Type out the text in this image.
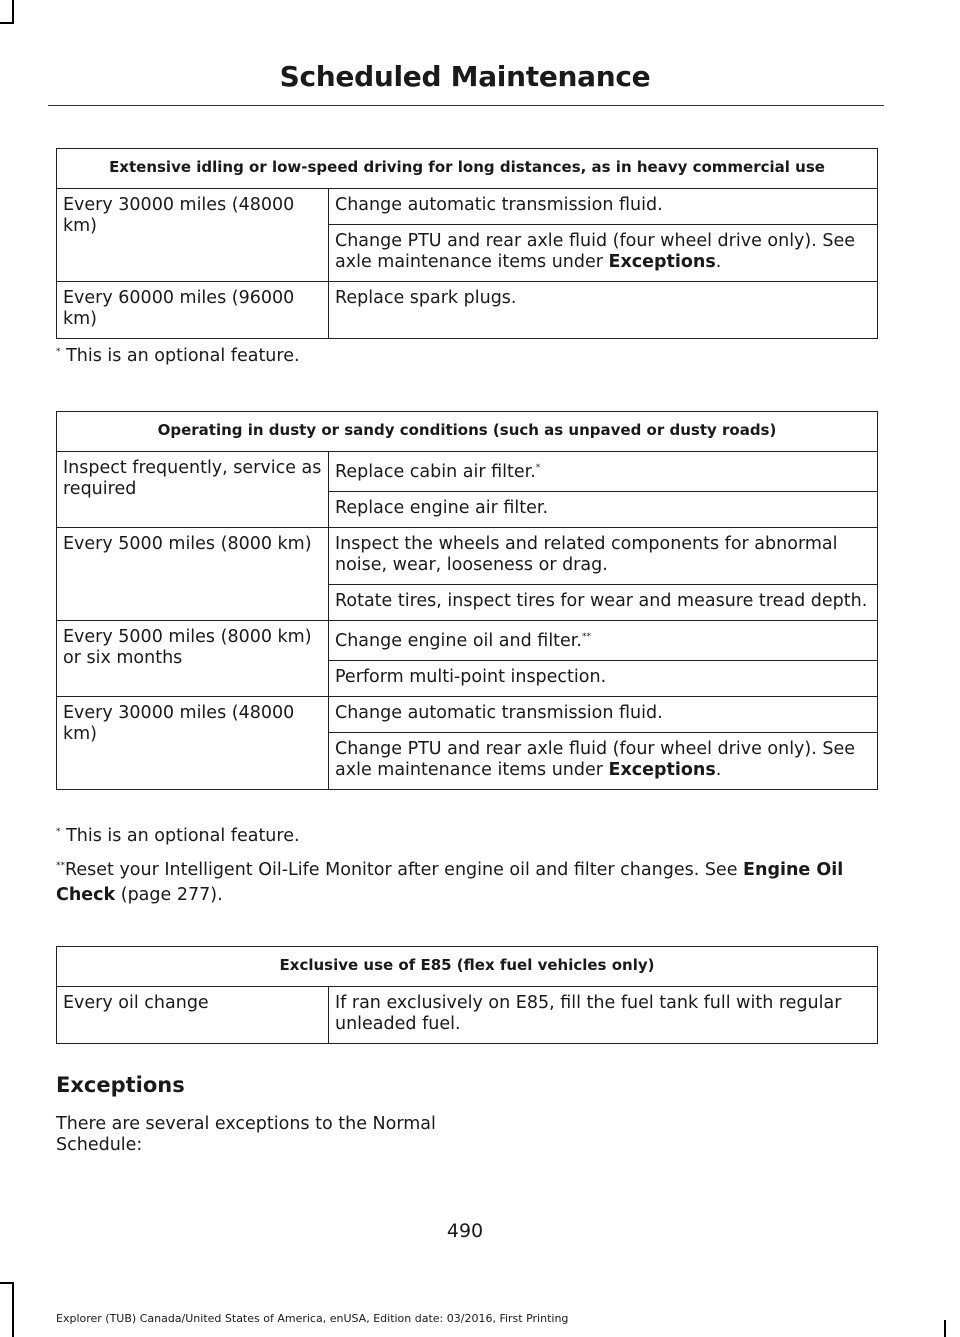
Scheduled Maintenance
Extensive idling or low-speed driving for long distances, as in heavy commercial use	
Every 30000 miles (48000 km)	Change automatic transmission fluid.
	Change PTU and rear axle fluid (four wheel drive only). See axle maintenance items under Exceptions.
Every 60000 miles (96000 km)	Replace spark plugs.
* This is an optional feature.
Operating in dusty or sandy conditions (such as unpaved or dusty roads)	
Inspect frequently, service as required	Replace cabin air filter.*
	Replace engine air filter.
Every 5000 miles (8000 km)	Inspect the wheels and related components for abnormal noise, wear, looseness or drag.
	Rotate tires, inspect tires for wear and measure tread depth.
Every 5000 miles (8000 km) or six months	Change engine oil and filter.**
	Perform multi-point inspection.
Every 30000 miles (48000 km)	Change automatic transmission fluid.
	Change PTU and rear axle fluid (four wheel drive only). See axle maintenance items under Exceptions.
* This is an optional feature.
**Reset your Intelligent Oil-Life Monitor after engine oil and filter changes. See Engine Oil Check (page 277).
Exclusive use of E85 (flex fuel vehicles only)
Every oil change	If ran exclusively on E85, fill the fuel tank full with regular unleaded fuel.
Exceptions
There are several exceptions to the Normal Schedule:
490
Explorer (TUB) Canada/United States of America, enUSA, Edition date: 03/2016, First Printing
